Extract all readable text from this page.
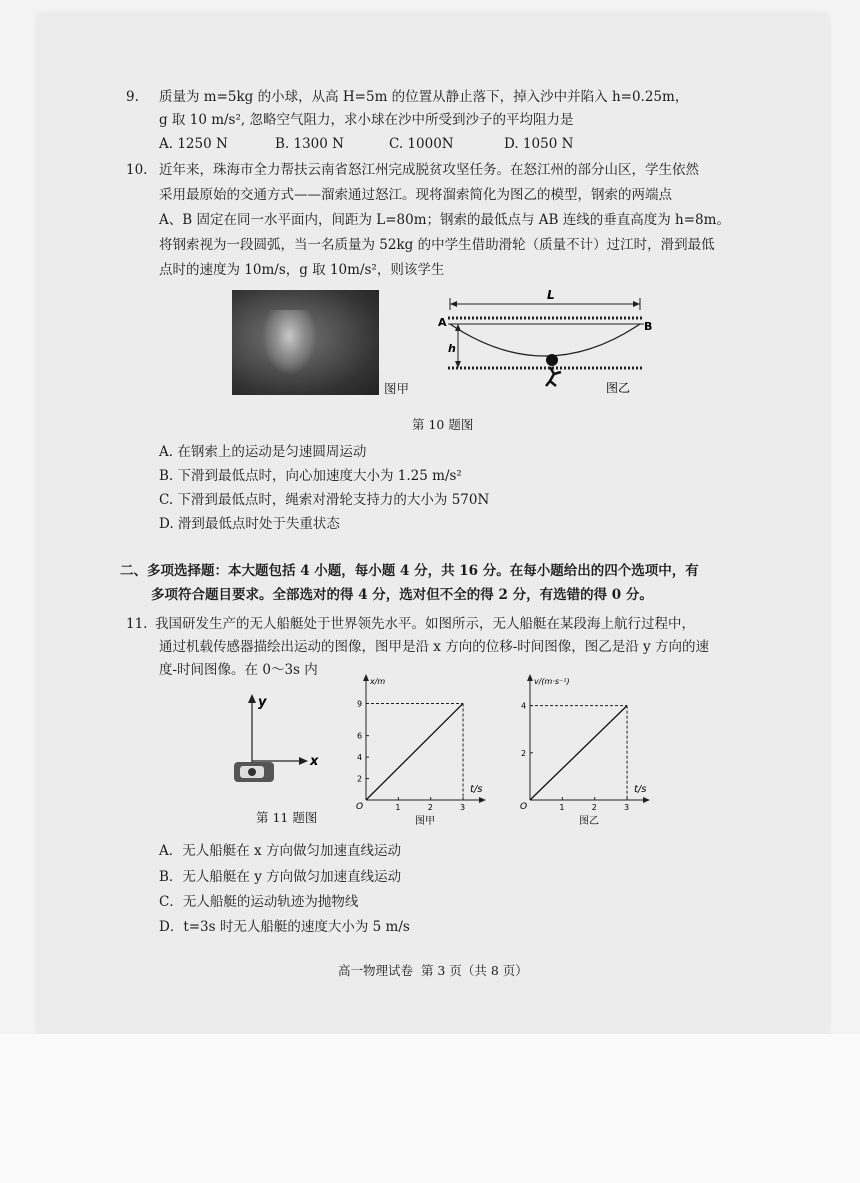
9. 质量为 m=5kg 的小球，从高 H=5m 的位置从静止落下，掉入沙中并陷入 h=0.25m，
g 取 10 m/s², 忽略空气阻力，求小球在沙中所受到沙子的平均阻力是
A. 1250 N	B. 1300 N	C. 1000N	D. 1050 N
10. 近年来，珠海市全力帮扶云南省怒江州完成脱贫攻坚任务。在怒江州的部分山区，学生依然
采用最原始的交通方式——溜索通过怒江。现将溜索简化为图乙的模型，钢索的两端点
A、B 固定在同一水平面内，间距为 L=80m；钢索的最低点与 AB 连线的垂直高度为 h=8m。
将钢索视为一段圆弧，当一名质量为 52kg 的中学生借助滑轮（质量不计）过江时，滑到最低
点时的速度为 10m/s，g 取 10m/s²，则该学生
图甲
L
A	B
h
图乙
第 10 题图
A. 在钢索上的运动是匀速圆周运动
B. 下滑到最低点时，向心加速度大小为 1.25 m/s²
C. 下滑到最低点时，绳索对滑轮支持力的大小为 570N
D. 滑到最低点时处于失重状态
二、多项选择题：本大题包括 4 小题，每小题 4 分，共 16 分。在每小题给出的四个选项中，有
多项符合题目要求。全部选对的得 4 分，选对但不全的得 2 分，有选错的得 0 分。
11. 我国研发生产的无人船艇处于世界领先水平。如图所示，无人船艇在某段海上航行过程中，
通过机载传感器描绘出运动的图像，图甲是沿 x 方向的位移-时间图像，图乙是沿 y 方向的速
度-时间图像。在 0～3s 内
y
x
第 11 题图
x/m
t/s
O	1	2	3
2
4
6
9
图甲
v/(m·s⁻¹)
t/s
O	1	2	3
2
4
图乙
A．无人船艇在 x 方向做匀加速直线运动
B．无人船艇在 y 方向做匀加速直线运动
C．无人船艇的运动轨迹为抛物线
D．t=3s 时无人船艇的速度大小为 5 m/s
高一物理试卷  第 3 页（共 8 页）
